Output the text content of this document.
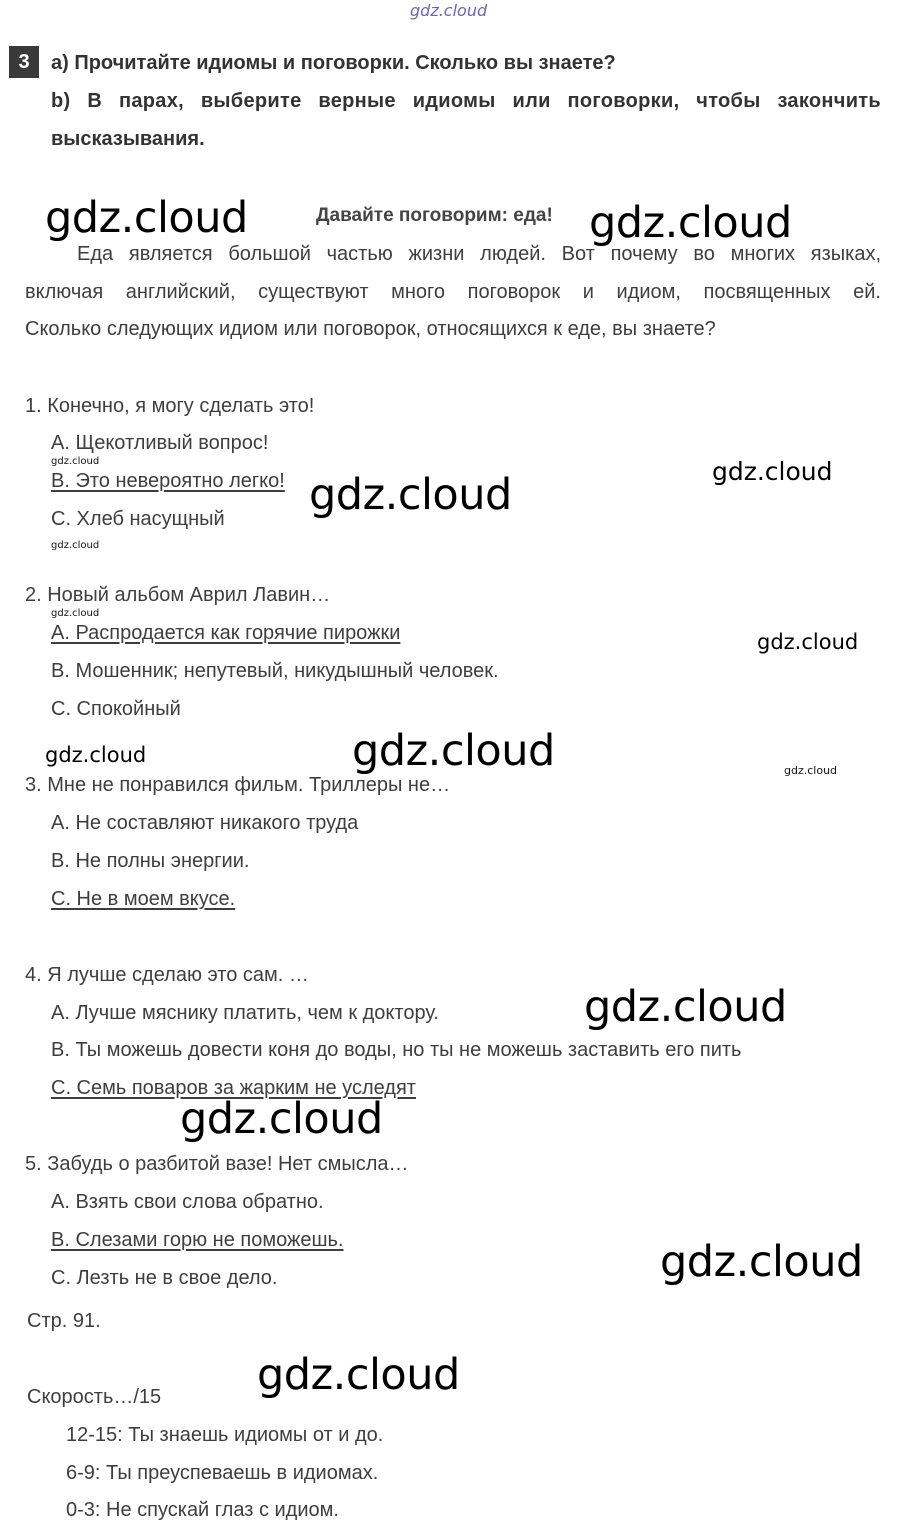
gdz.cloud
3	a) Прочитайте идиомы и поговорки. Сколько вы знаете?
b) В парах, выберите верные идиомы или поговорки, чтобы закончить
высказывания.
Давайте поговорим: еда!
Еда является большой частью жизни людей. Вот почему во многих языках,
включая английский, существуют много поговорок и идиом, посвященных ей.
Сколько следующих идиом или поговорок, относящихся к еде, вы знаете?
1. Конечно, я могу сделать это!
A. Щекотливый вопрос!
B. Это невероятно легко!
C. Хлеб насущный
2. Новый альбом Аврил Лавин…
А. Распродается как горячие пирожки
B. Мошенник; непутевый, никудышный человек.
C. Спокойный
3. Мне не понравился фильм. Триллеры не…
A. Не составляют никакого труда
B. Не полны энергии.
C. Не в моем вкусе.
4. Я лучше сделаю это сам. …
А. Лучше мяснику платить, чем к доктору.
B. Ты можешь довести коня до воды, но ты не можешь заставить его пить
C. Семь поваров за жарким не уследят
5. Забудь о разбитой вазе! Нет смысла…
A. Взять свои слова обратно.
B. Слезами горю не поможешь.
C. Лезть не в свое дело.
Стр. 91.
Скорость…/15
12-15: Ты знаешь идиомы от и до.
6-9: Ты преуспеваешь в идиомах.
0-3: Не спускай глаз с идиом.
gdz.cloud	gdz.cloud
gdz.cloud
gdz.cloud
gdz.cloud
gdz.cloud
gdz.cloud
gdz.cloud
gdz.cloud
gdz.cloud
gdz.cloud
gdz.cloud
gdz.cloud
gdz.cloud
gdz.cloud
